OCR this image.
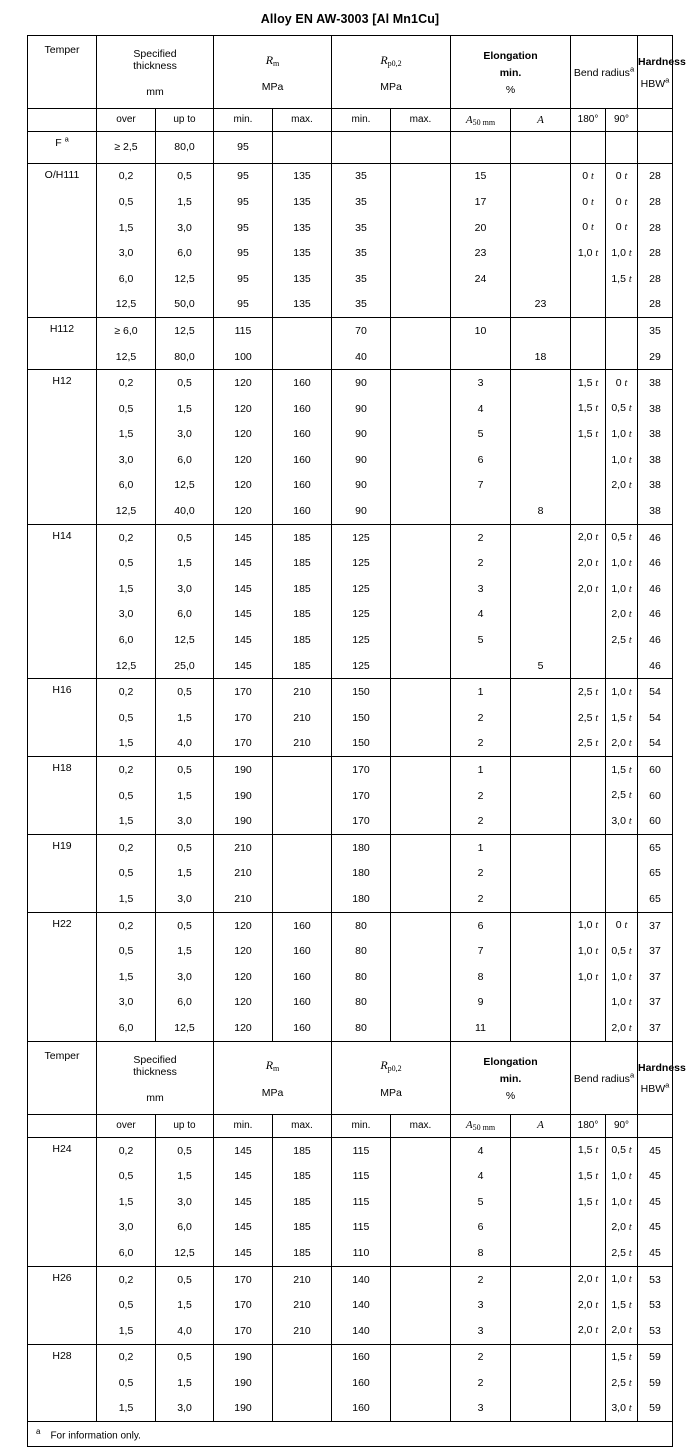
Alloy EN AW-3003 [Al Mn1Cu]
Temper	Specified
thickness
mm		$R_m$
MPa		$R_{p0,2}$
MPa		Elongation
min.
%		Bend radius$^a$		Hardness
HBW$^a$

	over	up to	min.	max.	min.	max.	$A_{50 mm}$	A	180°	90°	
F $^a$	≥ 2,5	80,0	95								
O/H111	0,2	0,5	95	135	35		15		0 t	0 t	28
	0,5	1,5	95	135	35		17		0 t	0 t	28
	1,5	3,0	95	135	35		20		0 t	0 t	28
	3,0	6,0	95	135	35		23		1,0 t	1,0 t	28
	6,0	12,5	95	135	35		24			1,5 t	28
	12,5	50,0	95	135	35			23			28
H112	≥ 6,0	12,5	115		70		10				35
	12,5	80,0	100		40			18			29
H12	0,2	0,5	120	160	90		3		1,5 t	0 t	38
	0,5	1,5	120	160	90		4		1,5 t	0,5 t	38
	1,5	3,0	120	160	90		5		1,5 t	1,0 t	38
	3,0	6,0	120	160	90		6			1,0 t	38
	6,0	12,5	120	160	90		7			2,0 t	38
	12,5	40,0	120	160	90			8			38
H14	0,2	0,5	145	185	125		2		2,0 t	0,5 t	46
	0,5	1,5	145	185	125		2		2,0 t	1,0 t	46
	1,5	3,0	145	185	125		3		2,0 t	1,0 t	46
	3,0	6,0	145	185	125		4			2,0 t	46
	6,0	12,5	145	185	125		5			2,5 t	46
	12,5	25,0	145	185	125			5			46
H16	0,2	0,5	170	210	150		1		2,5 t	1,0 t	54
	0,5	1,5	170	210	150		2		2,5 t	1,5 t	54
	1,5	4,0	170	210	150		2		2,5 t	2,0 t	54
H18	0,2	0,5	190		170		1			1,5 t	60
	0,5	1,5	190		170		2			2,5 t	60
	1,5	3,0	190		170		2			3,0 t	60
H19	0,2	0,5	210		180		1				65
	0,5	1,5	210		180		2				65
	1,5	3,0	210		180		2				65
H22	0,2	0,5	120	160	80		6		1,0 t	0 t	37
	0,5	1,5	120	160	80		7		1,0 t	0,5 t	37
	1,5	3,0	120	160	80		8		1,0 t	1,0 t	37
	3,0	6,0	120	160	80		9			1,0 t	37
	6,0	12,5	120	160	80		11			2,0 t	37

Temper	Specified
thickness
mm		$R_m$
MPa		$R_{p0,2}$
MPa		Elongation
min.
%		Bend radius$^a$		Hardness
HBW$^a$

	over	up to	min.	max.	min.	max.	$A_{50 mm}$	A	180°	90°	
H24	0,2	0,5	145	185	115		4		1,5 t	0,5 t	45
	0,5	1,5	145	185	115		4		1,5 t	1,0 t	45
	1,5	3,0	145	185	115		5		1,5 t	1,0 t	45
	3,0	6,0	145	185	115		6			2,0 t	45
	6,0	12,5	145	185	110		8			2,5 t	45
H26	0,2	0,5	170	210	140		2		2,0 t	1,0 t	53
	0,5	1,5	170	210	140		3		2,0 t	1,5 t	53
	1,5	4,0	170	210	140		3		2,0 t	2,0 t	53
H28	0,2	0,5	190		160		2			1,5 t	59
	0,5	1,5	190		160		2			2,5 t	59
	1,5	3,0	190		160		3			3,0 t	59
$^a$ For information only.											
